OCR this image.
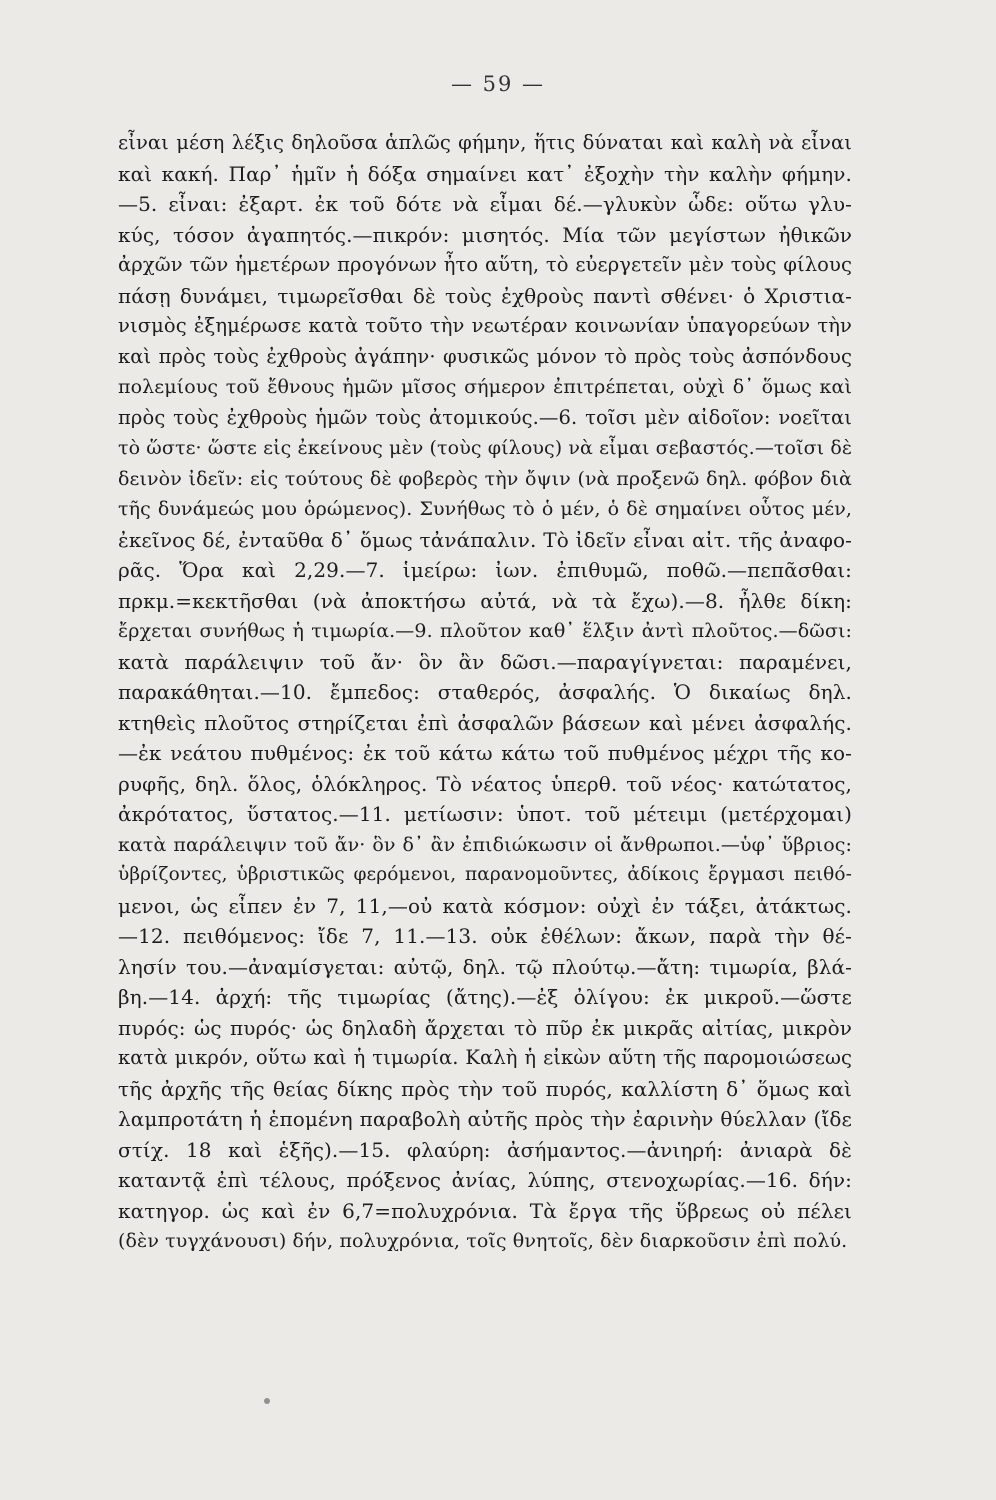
— 59 —
εἶναι μέση λέξις δηλοῦσα ἁπλῶς φήμην, ἥτις δύναται καὶ καλὴ νὰ εἶναι
καὶ κακή. Παρ᾽ ἡμῖν ἡ δόξα σημαίνει κατ᾽ ἐξοχὴν τὴν καλὴν φήμην.
—5. εἶναι: ἐξαρτ. ἐκ τοῦ δότε νὰ εἶμαι δέ.—γλυκὺν ὧδε: οὕτω γλυ-
κύς, τόσον ἀγαπητός.—πικρόν: μισητός. Μία τῶν μεγίστων ἠθικῶν
ἀρχῶν τῶν ἡμετέρων προγόνων ἦτο αὕτη, τὸ εὐεργετεῖν μὲν τοὺς φίλους
πάσῃ δυνάμει, τιμωρεῖσθαι δὲ τοὺς ἐχθροὺς παντὶ σθένει· ὁ Χριστια-
νισμὸς ἐξημέρωσε κατὰ τοῦτο τὴν νεωτέραν κοινωνίαν ὑπαγορεύων τὴν
καὶ πρὸς τοὺς ἐχθροὺς ἀγάπην· φυσικῶς μόνον τὸ πρὸς τοὺς ἀσπόνδους
πολεμίους τοῦ ἔθνους ἡμῶν μῖσος σήμερον ἐπιτρέπεται, οὐχὶ δ᾽ ὅμως καὶ
πρὸς τοὺς ἐχθροὺς ἡμῶν τοὺς ἀτομικούς.—6. τοῖσι μὲν αἰδοῖον: νοεῖται
τὸ ὥστε· ὥστε εἰς ἐκείνους μὲν (τοὺς φίλους) νὰ εἶμαι σεβαστός.—τοῖσι δὲ
δεινὸν ἰδεῖν: εἰς τούτους δὲ φοβερὸς τὴν ὄψιν (νὰ προξενῶ δηλ. φόβον διὰ
τῆς δυνάμεώς μου ὁρώμενος). Συνήθως τὸ ὁ μέν, ὁ δὲ σημαίνει οὗτος μέν,
ἐκεῖνος δέ, ἐνταῦθα δ᾽ ὅμως τἀνάπαλιν. Τὸ ἰδεῖν εἶναι αἰτ. τῆς ἀναφο-
ρᾶς. Ὅρα καὶ 2,29.—7. ἱμείρω: ἰων. ἐπιθυμῶ, ποθῶ.—πεπᾶσθαι:
πρκμ.=κεκτῆσθαι (νὰ ἀποκτήσω αὐτά, νὰ τὰ ἔχω).—8. ἦλθε δίκη:
ἔρχεται συνήθως ἡ τιμωρία.—9. πλοῦτον καθ᾽ ἕλξιν ἀντὶ πλοῦτος.—δῶσι:
κατὰ παράλειψιν τοῦ ἄν· ὃν ἂν δῶσι.—παραγίγνεται: παραμένει,
παρακάθηται.—10. ἔμπεδος: σταθερός, ἀσφαλής. Ὁ δικαίως δηλ.
κτηθεὶς πλοῦτος στηρίζεται ἐπὶ ἀσφαλῶν βάσεων καὶ μένει ἀσφαλής.
—ἐκ νεάτου πυθμένος: ἐκ τοῦ κάτω κάτω τοῦ πυθμένος μέχρι τῆς κο-
ρυφῆς, δηλ. ὅλος, ὁλόκληρος. Τὸ νέατος ὑπερθ. τοῦ νέος· κατώτατος,
ἀκρότατος, ὕστατος.—11. μετίωσιν: ὑποτ. τοῦ μέτειμι (μετέρχομαι)
κατὰ παράλειψιν τοῦ ἄν· ὃν δ᾽ ἂν ἐπιδιώκωσιν οἱ ἄνθρωποι.—ὑφ᾽ ὕβριος:
ὑβρίζοντες, ὑβριστικῶς φερόμενοι, παρανομοῦντες, ἀδίκοις ἔργμασι πειθό-
μενοι, ὡς εἶπεν ἐν 7, 11,—οὐ κατὰ κόσμον: οὐχὶ ἐν τάξει, ἀτάκτως.
—12. πειθόμενος: ἴδε 7, 11.—13. οὐκ ἐθέλων: ἄκων, παρὰ τὴν θέ-
λησίν του.—ἀναμίσγεται: αὐτῷ, δηλ. τῷ πλούτῳ.—ἄτη: τιμωρία, βλά-
βη.—14. ἀρχή: τῆς τιμωρίας (ἄτης).—ἐξ ὀλίγου: ἐκ μικροῦ.—ὥστε
πυρός: ὡς πυρός· ὡς δηλαδὴ ἄρχεται τὸ πῦρ ἐκ μικρᾶς αἰτίας, μικρὸν
κατὰ μικρόν, οὕτω καὶ ἡ τιμωρία. Καλὴ ἡ εἰκὼν αὕτη τῆς παρομοιώσεως
τῆς ἀρχῆς τῆς θείας δίκης πρὸς τὴν τοῦ πυρός, καλλίστη δ᾽ ὅμως καὶ
λαμπροτάτη ἡ ἑπομένη παραβολὴ αὐτῆς πρὸς τὴν ἐαρινὴν θύελλαν (ἴδε
στίχ. 18 καὶ ἑξῆς).—15. φλαύρη: ἀσήμαντος.—ἀνιηρή: ἀνιαρὰ δὲ
καταντᾷ ἐπὶ τέλους, πρόξενος ἀνίας, λύπης, στενοχωρίας.—16. δήν:
κατηγορ. ὡς καὶ ἐν 6,7=πολυχρόνια. Τὰ ἔργα τῆς ὕβρεως οὐ πέλει
(δὲν τυγχάνουσι) δήν, πολυχρόνια, τοῖς θνητοῖς, δὲν διαρκοῦσιν ἐπὶ πολύ.
